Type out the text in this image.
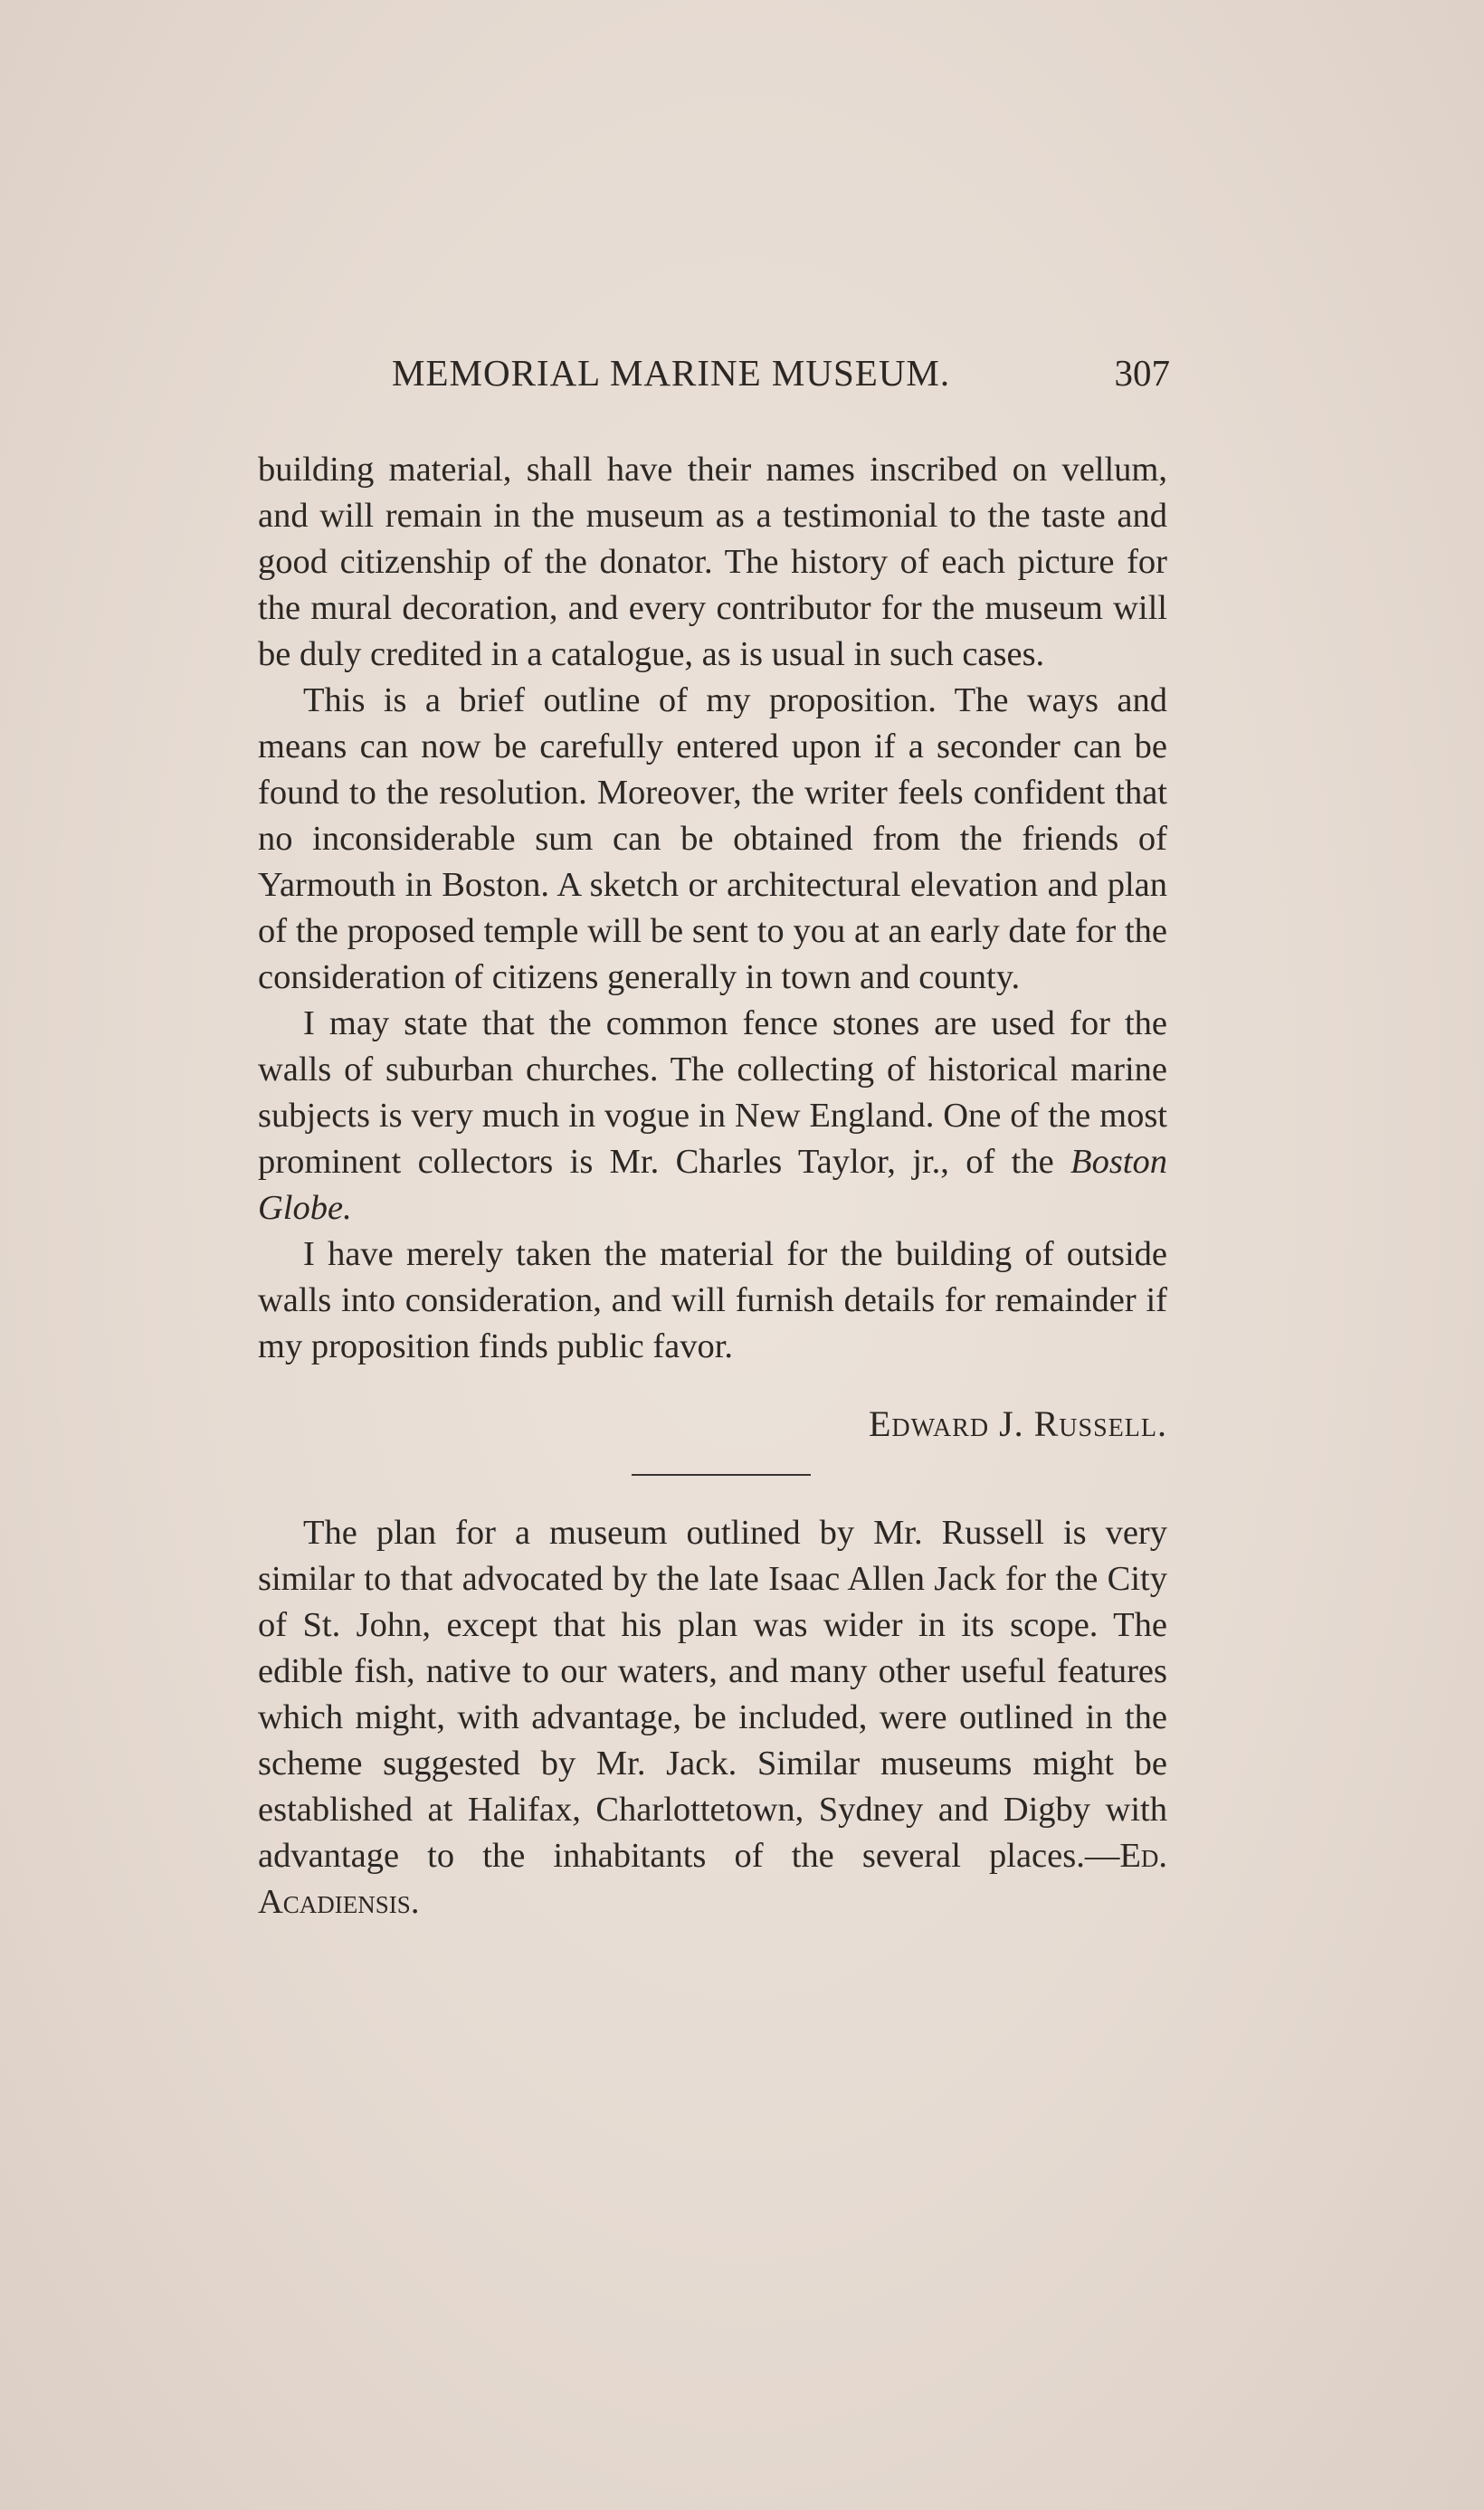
MEMORIAL MARINE MUSEUM.	307

building material, shall have their names inscribed on vellum, and will remain in the museum as a testimonial to the taste and good citizenship of the donator. The history of each picture for the mural decoration, and every contributor for the museum will be duly credited in a catalogue, as is usual in such cases.

This is a brief outline of my proposition. The ways and means can now be carefully entered upon if a seconder can be found to the resolution. Moreover, the writer feels confident that no inconsiderable sum can be obtained from the friends of Yarmouth in Boston. A sketch or architectural elevation and plan of the proposed temple will be sent to you at an early date for the consideration of citizens generally in town and county.

I may state that the common fence stones are used for the walls of suburban churches. The collecting of historical marine subjects is very much in vogue in New England. One of the most prominent collectors is Mr. Charles Taylor, jr., of the Boston Globe.

I have merely taken the material for the building of outside walls into consideration, and will furnish details for remainder if my proposition finds public favor.

Edward J. Russell.

The plan for a museum outlined by Mr. Russell is very similar to that advocated by the late Isaac Allen Jack for the City of St. John, except that his plan was wider in its scope. The edible fish, native to our waters, and many other useful features which might, with advantage, be included, were outlined in the scheme suggested by Mr. Jack. Similar museums might be established at Halifax, Charlottetown, Sydney and Digby with advantage to the inhabitants of the several places.—Ed. Acadiensis.
